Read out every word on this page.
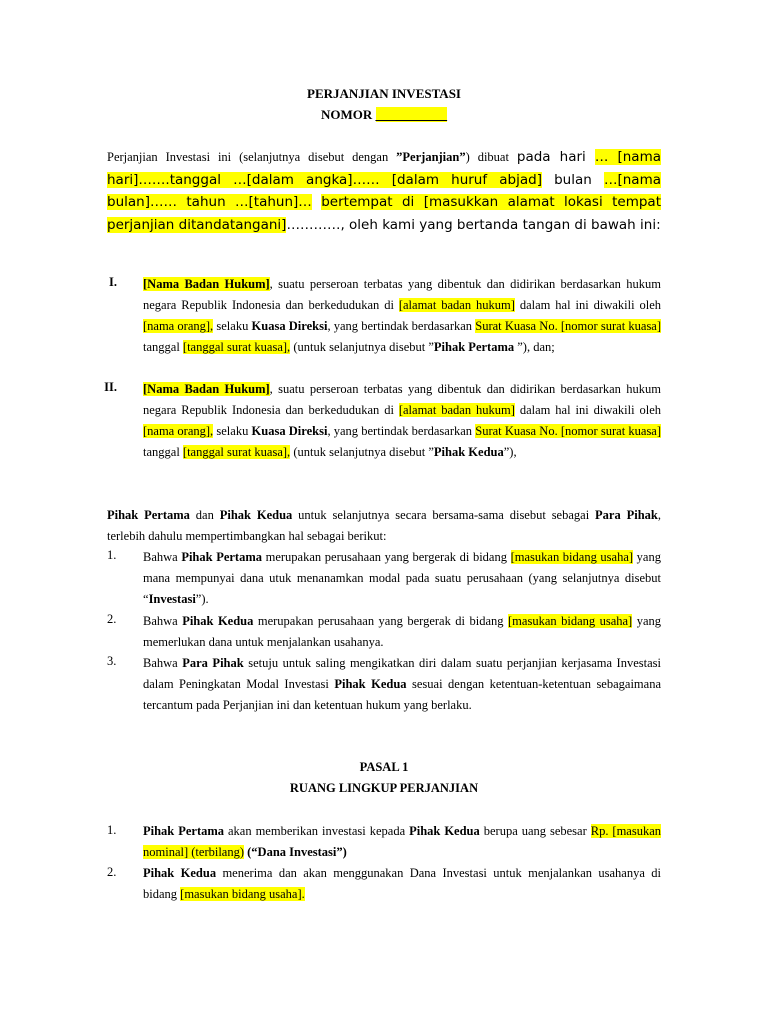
PERJANJIAN INVESTASI
NOMOR ___________
Perjanjian Investasi ini (selanjutnya disebut dengan ”Perjanjian”) dibuat pada hari … [nama hari]…….tanggal …[dalam angka]…… [dalam huruf abjad] bulan …[nama bulan]…… tahun …[tahun]… bertempat di [masukkan alamat lokasi tempat perjanjian ditandatangani]…………, oleh kami yang bertanda tangan di bawah ini:
I. [Nama Badan Hukum], suatu perseroan terbatas yang dibentuk dan didirikan berdasarkan hukum negara Republik Indonesia dan berkedudukan di [alamat badan hukum] dalam hal ini diwakili oleh [nama orang], selaku Kuasa Direksi, yang bertindak berdasarkan Surat Kuasa No. [nomor surat kuasa] tanggal [tanggal surat kuasa], (untuk selanjutnya disebut ”Pihak Pertama ”), dan;
II. [Nama Badan Hukum], suatu perseroan terbatas yang dibentuk dan didirikan berdasarkan hukum negara Republik Indonesia dan berkedudukan di [alamat badan hukum] dalam hal ini diwakili oleh [nama orang], selaku Kuasa Direksi, yang bertindak berdasarkan Surat Kuasa No. [nomor surat kuasa] tanggal [tanggal surat kuasa], (untuk selanjutnya disebut ”Pihak Kedua”),
Pihak Pertama dan Pihak Kedua untuk selanjutnya secara bersama-sama disebut sebagai Para Pihak, terlebih dahulu mempertimbangkan hal sebagai berikut:
1.	Bahwa Pihak Pertama merupakan perusahaan yang bergerak di bidang [masukan bidang usaha] yang mana mempunyai dana utuk menanamkan modal pada suatu perusahaan (yang selanjutnya disebut “Investasi”).
2.	Bahwa Pihak Kedua merupakan perusahaan yang bergerak di bidang [masukan bidang usaha] yang memerlukan dana untuk menjalankan usahanya.
3.	Bahwa Para Pihak setuju untuk saling mengikatkan diri dalam suatu perjanjian kerjasama Investasi dalam Peningkatan Modal Investasi Pihak Kedua sesuai dengan ketentuan-ketentuan sebagaimana tercantum pada Perjanjian ini dan ketentuan hukum yang berlaku.
PASAL 1
RUANG LINGKUP PERJANJIAN
1.	Pihak Pertama akan memberikan investasi kepada Pihak Kedua berupa uang sebesar Rp. [masukan nominal] (terbilang) (“Dana Investasi”)
2.	Pihak Kedua menerima dan akan menggunakan Dana Investasi untuk menjalankan usahanya di bidang [masukan bidang usaha].
